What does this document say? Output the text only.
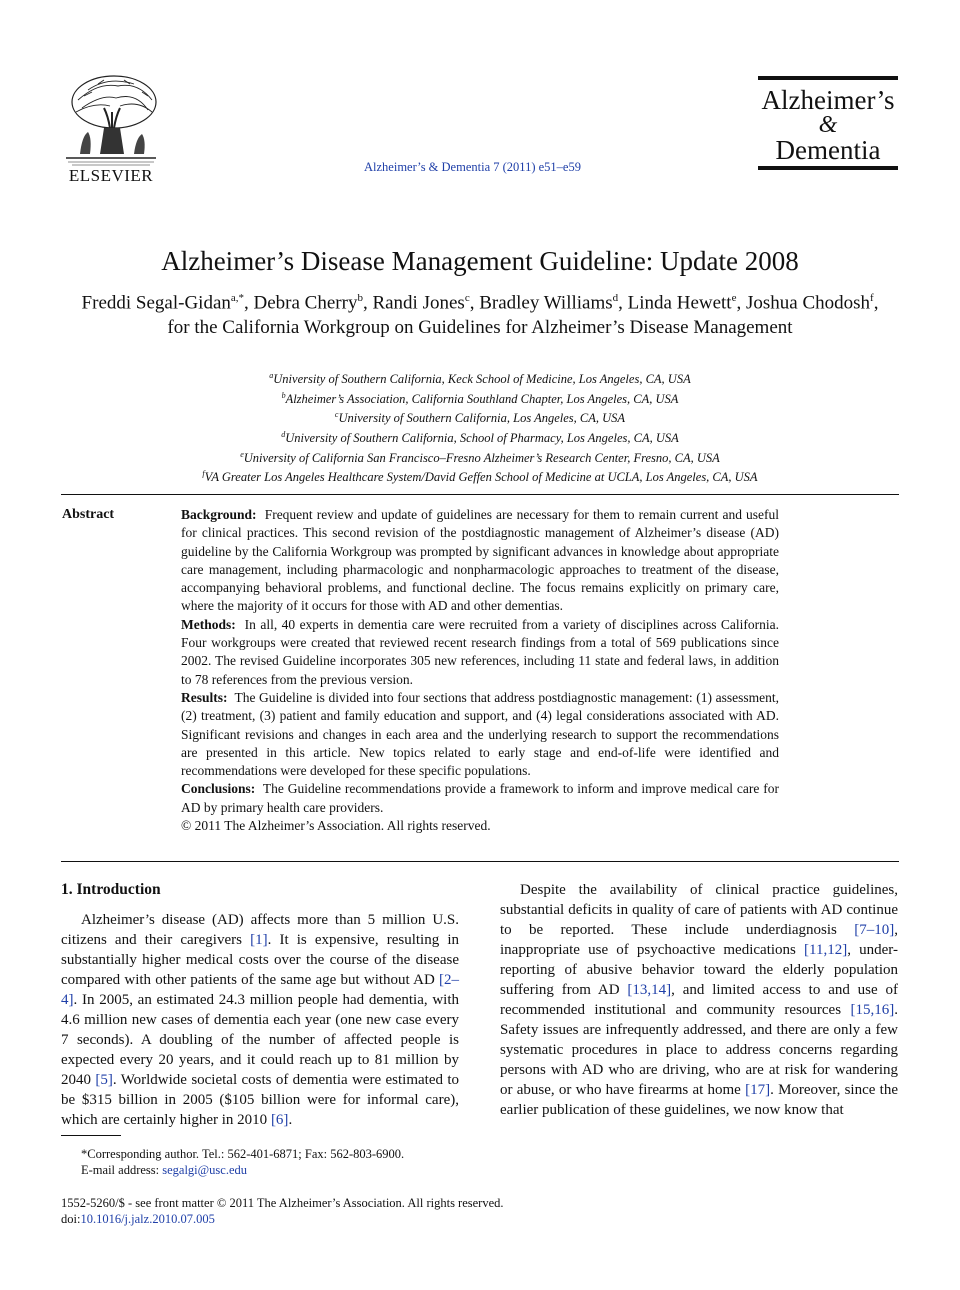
ELSEVIER	Alzheimer’s & Dementia 7 (2011) e51–e59
Alzheimer’s
&
Dementia
Alzheimer’s Disease Management Guideline: Update 2008
Freddi Segal-Gidan$^{a,*}$, Debra Cherry$^b$, Randi Jones$^c$, Bradley Williams$^d$, Linda Hewett$^e$, Joshua Chodosh$^f$, for the California Workgroup on Guidelines for Alzheimer’s Disease Management
$^a$University of Southern California, Keck School of Medicine, Los Angeles, CA, USA
$^b$Alzheimer’s Association, California Southland Chapter, Los Angeles, CA, USA
$^c$University of Southern California, Los Angeles, CA, USA
$^d$University of Southern California, School of Pharmacy, Los Angeles, CA, USA
$^e$University of California San Francisco–Fresno Alzheimer’s Research Center, Fresno, CA, USA
$^f$VA Greater Los Angeles Healthcare System/David Geffen School of Medicine at UCLA, Los Angeles, CA, USA
Abstract	Background: Frequent review and update of guidelines are necessary for them to remain current and useful for clinical practices. This second revision of the postdiagnostic management of Alzheimer’s disease (AD) guideline by the California Workgroup was prompted by significant advances in knowledge about appropriate care management, including pharmacologic and nonpharmacologic approaches to treatment of the disease, accompanying behavioral problems, and functional decline. The focus remains explicitly on primary care, where the majority of it occurs for those with AD and other dementias.

Methods: In all, 40 experts in dementia care were recruited from a variety of disciplines across California. Four workgroups were created that reviewed recent research findings from a total of 569 publications since 2002. The revised Guideline incorporates 305 new references, including 11 state and federal laws, in addition to 78 references from the previous version.

Results: The Guideline is divided into four sections that address postdiagnostic management: (1) assessment, (2) treatment, (3) patient and family education and support, and (4) legal considerations associated with AD. Significant revisions and changes in each area and the underlying research to support the recommendations are presented in this article. New topics related to early stage and end-of-life were identified and recommendations were developed for these specific populations.

Conclusions: The Guideline recommendations provide a framework to inform and improve medical care for AD by primary health care providers.

© 2011 The Alzheimer’s Association. All rights reserved.

1. Introduction

Alzheimer’s disease (AD) affects more than 5 million U.S. citizens and their caregivers [1]. It is expensive, resulting in substantially higher medical costs over the course of the disease compared with other patients of the same age but without AD [2–4]. In 2005, an estimated 24.3 million people had dementia, with 4.6 million new cases of dementia each year (one new case every 7 seconds). A doubling of the number of affected people is expected every 20 years, and it could reach up to 81 million by 2040 [5]. Worldwide societal costs of dementia were estimated to be $315 billion in 2005 ($105 billion were for informal care), which are certainly higher in 2010 [6].

Despite the availability of clinical practice guidelines, substantial deficits in quality of care of patients with AD continue to be reported. These include underdiagnosis [7–10], inappropriate use of psychoactive medications [11,12], under-reporting of abusive behavior toward the elderly population suffering from AD [13,14], and limited access to and use of recommended institutional and community resources [15,16]. Safety issues are infrequently addressed, and there are only a few systematic procedures in place to address concerns regarding persons with AD who are driving, who are at risk for wandering or abuse, or who have firearms at home [17]. Moreover, since the earlier publication of these guidelines, we now know that

*Corresponding author. Tel.: 562-401-6871; Fax: 562-803-6900.
E-mail address: segalgi@usc.edu
1552-5260/$ - see front matter © 2011 The Alzheimer’s Association. All rights reserved.
doi:10.1016/j.jalz.2010.07.005
